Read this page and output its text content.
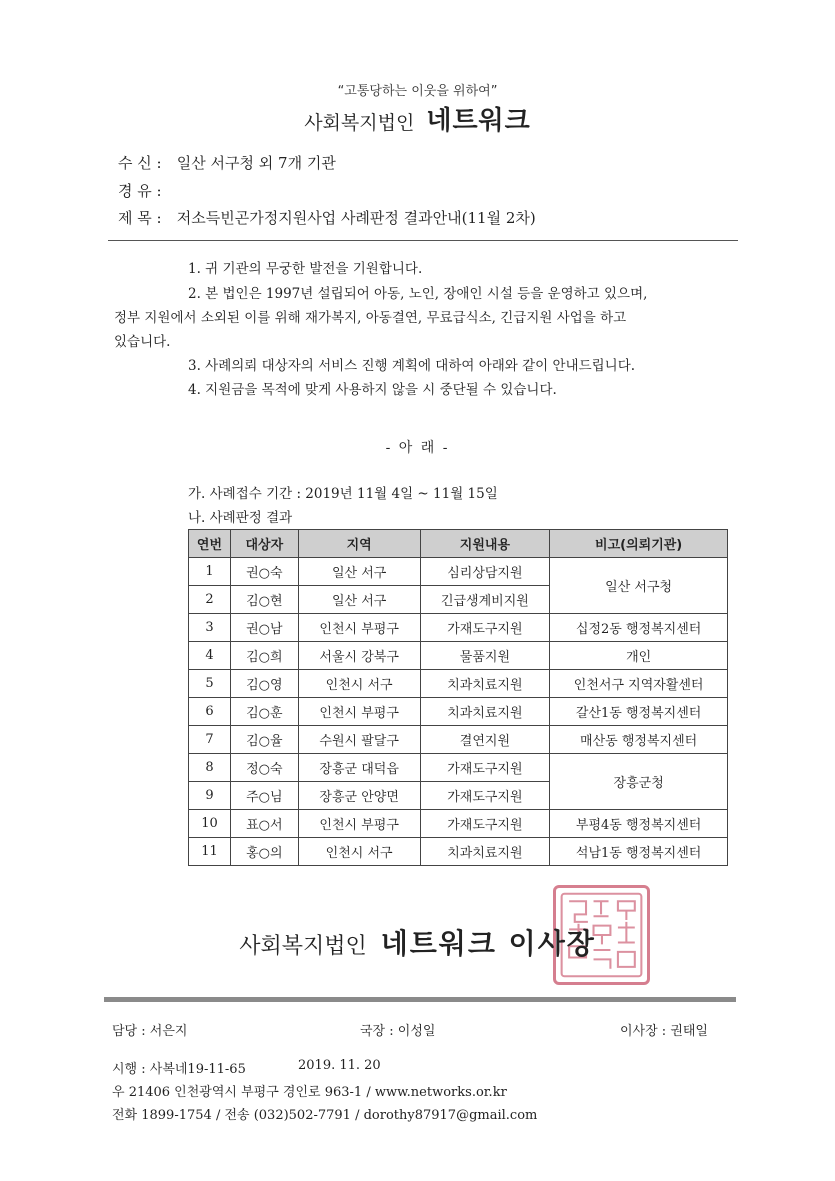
“고통당하는 이웃을 위하여”
사회복지법인 네트워크
수 신 : 일산 서구청 외 7개 기관
경 유 :
제 목 : 저소득빈곤가정지원사업 사례판정 결과안내(11월 2차)
1. 귀 기관의 무궁한 발전을 기원합니다.
2. 본 법인은 1997년 설립되어 아동, 노인, 장애인 시설 등을 운영하고 있으며,
정부 지원에서 소외된 이를 위해 재가복지, 아동결연, 무료급식소, 긴급지원 사업을 하고
있습니다.
3. 사례의뢰 대상자의 서비스 진행 계획에 대하여 아래와 같이 안내드립니다.
4. 지원금을 목적에 맞게 사용하지 않을 시 중단될 수 있습니다.
- 아 래 -
가. 사례접수 기간 : 2019년 11월 4일 ~ 11월 15일
나. 사례판정 결과
연번	대상자	지역	지원내용	비고(의뢰기관)
1	권○숙	일산 서구	심리상담지원	일산 서구청
2	김○현	일산 서구	긴급생계비지원	
3	권○남	인천시 부평구	가재도구지원	십정2동 행정복지센터
4	김○희	서울시 강북구	물품지원	개인
5	김○영	인천시 서구	치과치료지원	인천서구 지역자활센터
6	김○훈	인천시 부평구	치과치료지원	갈산1동 행정복지센터
7	김○율	수원시 팔달구	결연지원	매산동 행정복지센터
8	정○숙	장흥군 대덕읍	가재도구지원	장흥군청
9	주○님	장흥군 안양면	가재도구지원	
10	표○서	인천시 부평구	가재도구지원	부평4동 행정복지센터
11	홍○의	인천시 서구	치과치료지원	석남1동 행정복지센터
사회복지법인 네트워크 이사장
담당 : 서은지	국장 : 이성일	이사장 : 권태일
시행 : 사복네19-11-65	2019. 11. 20
우 21406 인천광역시 부평구 경인로 963-1 / www.networks.or.kr
전화 1899-1754 / 전송 (032)502-7791 / dorothy87917@gmail.com
